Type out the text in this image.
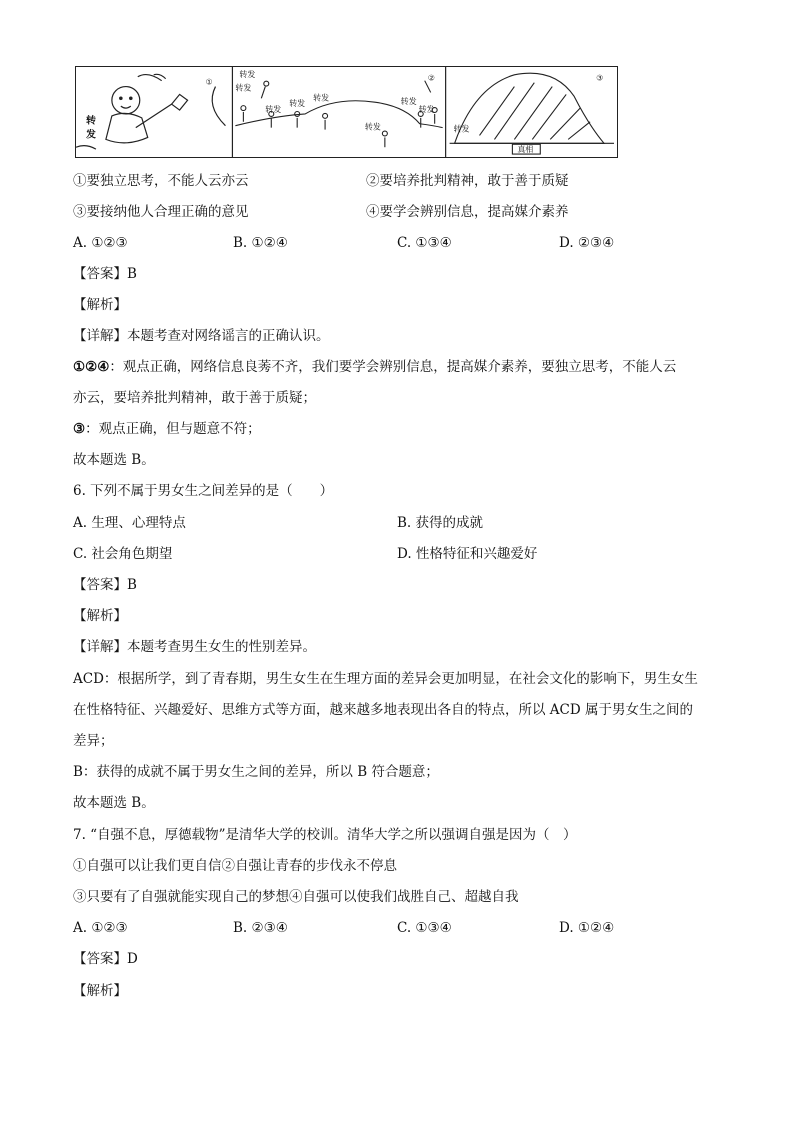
①	②	③
转
发
转发
转发
转发
转发
转发
转发
转发
转发
转发
真相
①要独立思考，不能人云亦云	②要培养批判精神，敢于善于质疑
③要接纳他人合理正确的意见	④要学会辨别信息，提高媒介素养
A. ①②③	B. ①②④	C. ①③④	D. ②③④
【答案】B
【解析】
【详解】本题考查对网络谣言的正确认识。
①②④：观点正确，网络信息良莠不齐，我们要学会辨别信息，提高媒介素养，要独立思考，不能人云
亦云，要培养批判精神，敢于善于质疑；
③：观点正确，但与题意不符；
故本题选 B。
6. 下列不属于男女生之间差异的是（　　）
A. 生理、心理特点	B. 获得的成就
C. 社会角色期望	D. 性格特征和兴趣爱好
【答案】B
【解析】
【详解】本题考查男生女生的性别差异。
ACD：根据所学，到了青春期，男生女生在生理方面的差异会更加明显，在社会文化的影响下，男生女生
在性格特征、兴趣爱好、思维方式等方面，越来越多地表现出各自的特点，所以 ACD 属于男女生之间的
差异；
B：获得的成就不属于男女生之间的差异，所以 B 符合题意；
故本题选 B。
7. “自强不息，厚德载物”是清华大学的校训。清华大学之所以强调自强是因为（　）
①自强可以让我们更自信②自强让青春的步伐永不停息
③只要有了自强就能实现自己的梦想④自强可以使我们战胜自己、超越自我
A. ①②③	B. ②③④	C. ①③④	D. ①②④
【答案】D
【解析】
